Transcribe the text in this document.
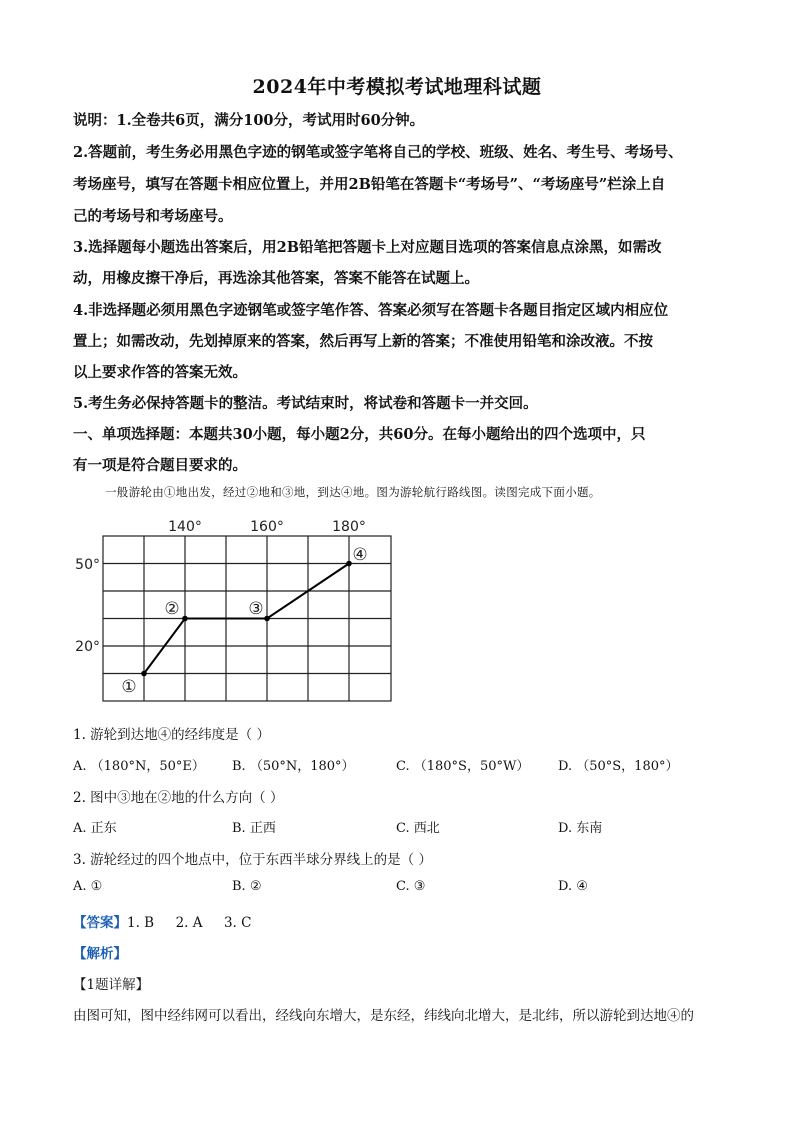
2024年中考模拟考试地理科试题
说明：1.全卷共6页，满分100分，考试用时60分钟。
2.答题前，考生务必用黑色字迹的钢笔或签字笔将自己的学校、班级、姓名、考生号、考场号、
考场座号，填写在答题卡相应位置上，并用2B铅笔在答题卡“考场号”、“考场座号”栏涂上自
己的考场号和考场座号。
3.选择题每小题选出答案后，用2B铅笔把答题卡上对应题目选项的答案信息点涂黑，如需改
动，用橡皮擦干净后，再选涂其他答案，答案不能答在试题上。
4.非选择题必须用黑色字迹钢笔或签字笔作答、答案必须写在答题卡各题目指定区域内相应位
置上；如需改动，先划掉原来的答案，然后再写上新的答案；不准使用铅笔和涂改液。不按
以上要求作答的答案无效。
5.考生务必保持答题卡的整洁。考试结束时，将试卷和答题卡一并交回。
一、单项选择题：本题共30小题，每小题2分，共60分。在每小题给出的四个选项中，只
有一项是符合题目要求的。
一般游轮由①地出发，经过②地和③地，到达④地。图为游轮航行路线图。读图完成下面小题。
140°	160°	180°
50°
20°
①
②	③
④
1. 游轮到达地④的经纬度是（ ）
A. （180°N，50°E） B. （50°N，180°）	C. （180°S，50°W） D. （50°S，180°）
2. 图中③地在②地的什么方向（ ）
A. 正东	B. 正西	C. 西北	D. 东南
3. 游轮经过的四个地点中，位于东西半球分界线上的是（ ）
A. ①	B. ②	C. ③	D. ④
【答案】1. B 2. A 3. C
【解析】
【1题详解】
由图可知，图中经纬网可以看出，经线向东增大，是东经，纬线向北增大，是北纬，所以游轮到达地④的
